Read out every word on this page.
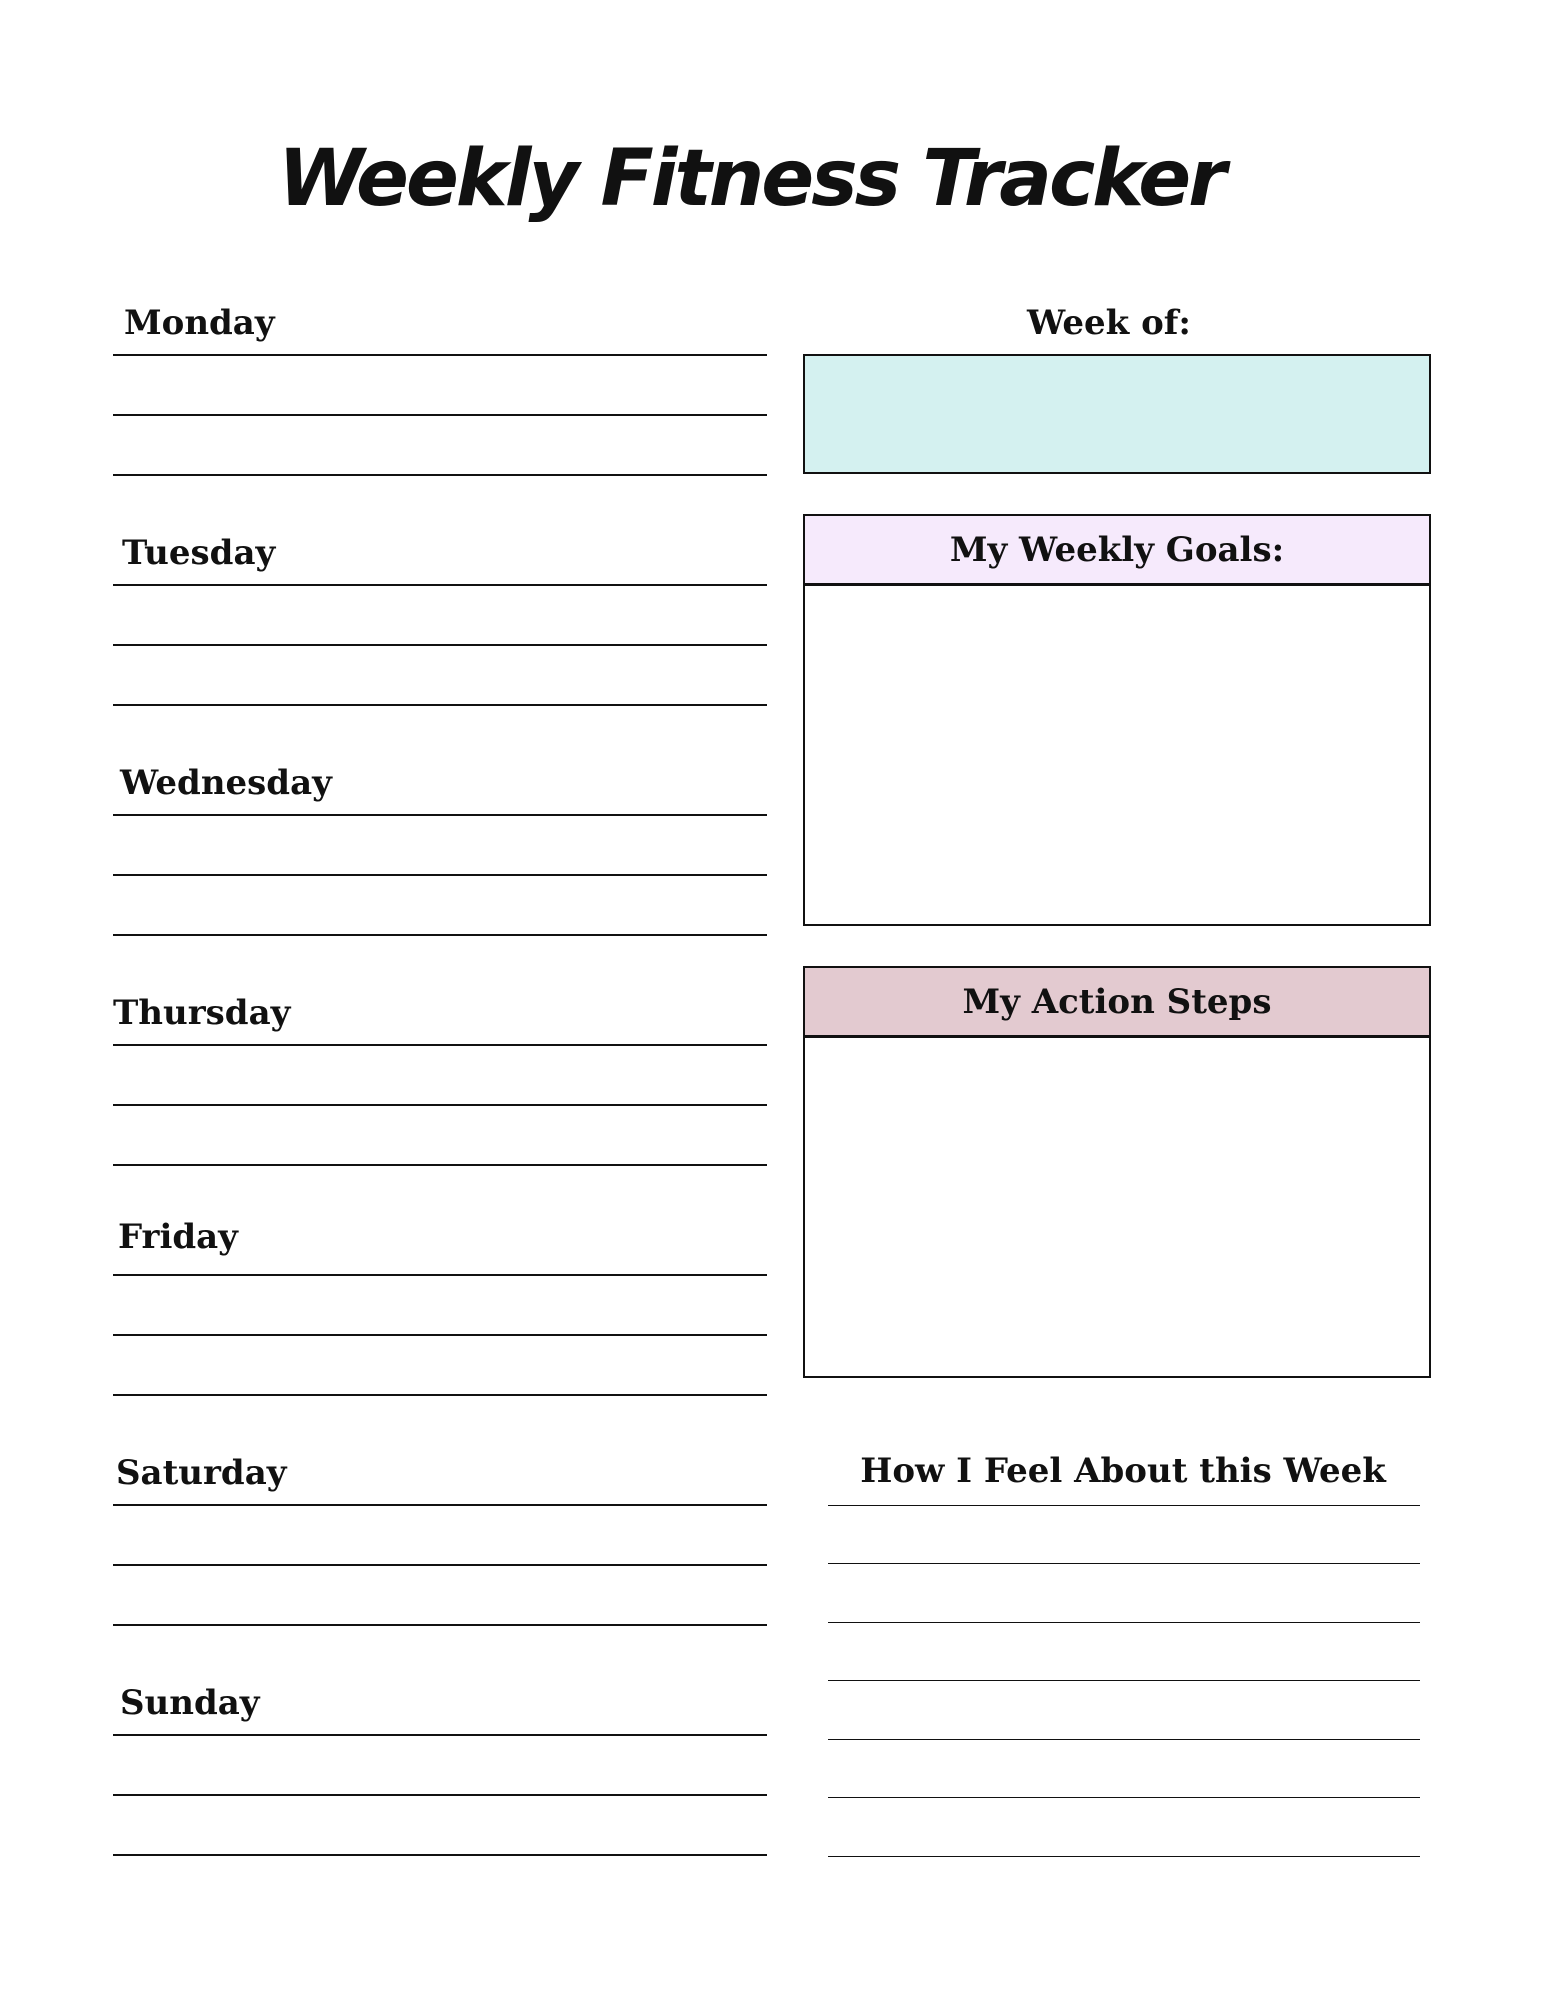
Weekly Fitness Tracker
Monday
Tuesday
Wednesday
Thursday
Friday
Saturday
Sunday
Week of:
My Weekly Goals:
My Action Steps
How I Feel About this Week
